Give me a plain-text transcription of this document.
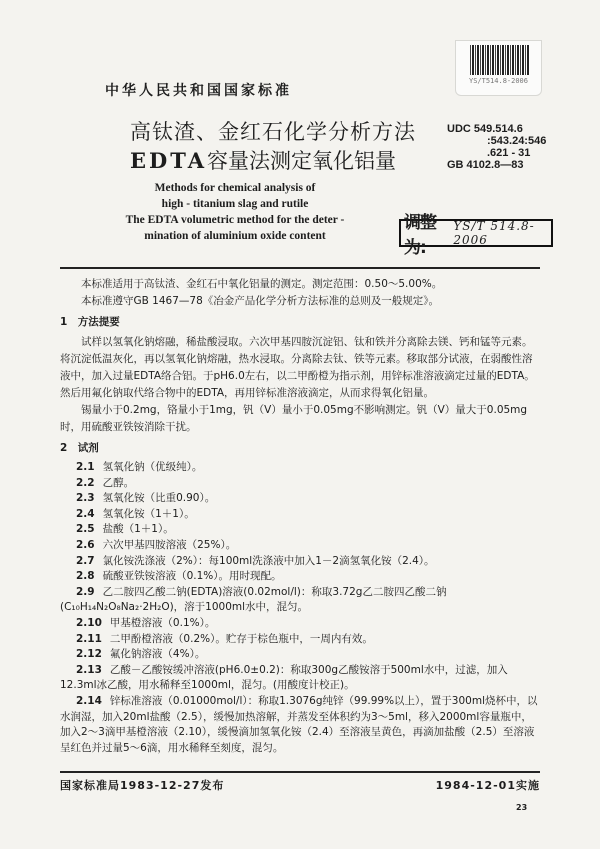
YS/T514.8-2006
中华人民共和国国家标准
高钛渣、金红石化学分析方法
EDTA容量法测定氧化铝量
Methods for chemical analysis of
high - titanium slag and rutile
The EDTA volumetric method for the deter -
mination of aluminium oxide content
UDC 549.514.6
:543.24:546
.621 - 31
GB 4102.8—83
调整为:
YS/T 514.8-2006

本标准适用于高钛渣、金红石中氧化铝量的测定。测定范围：0.50～5.00%。

本标准遵守GB 1467—78《冶金产品化学分析方法标准的总则及一般规定》。

1　方法提要

试样以氢氧化钠熔融，稀盐酸浸取。六次甲基四胺沉淀铝、钛和铁并分离除去镁、钙和锰等元素。将沉淀低温灰化，再以氢氧化钠熔融，热水浸取。分离除去钛、铁等元素。移取部分试液，在弱酸性溶液中，加入过量EDTA络合铝。于pH6.0左右，以二甲酚橙为指示剂，用锌标准溶液滴定过量的EDTA。然后用氟化钠取代络合物中的EDTA，再用锌标准溶液滴定，从而求得氧化铝量。

锡量小于0.2mg，铬量小于1mg，钒（V）量小于0.05mg不影响测定。钒（V）量大于0.05mg时，用硫酸亚铁铵消除干扰。

2　试剂

2.1 氢氧化钠（优级纯）。

2.2 乙醇。

2.3 氢氧化铵（比重0.90）。

2.4 氢氧化铵（1＋1）。

2.5 盐酸（1＋1）。

2.6 六次甲基四胺溶液（25%）。

2.7 氯化铵洗涤液（2%）：每100ml洗涤液中加入1－2滴氢氧化铵（2.4）。

2.8 硫酸亚铁铵溶液（0.1%）。用时现配。

2.9 乙二胺四乙酸二钠(EDTA)溶液(0.02mol/l)：称取3.72g乙二胺四乙酸二钠(C₁₀H₁₄N₂O₈Na₂·2H₂O)，溶于1000ml水中，混匀。

2.10 甲基橙溶液（0.1%）。

2.11 二甲酚橙溶液（0.2%）。贮存于棕色瓶中，一周内有效。

2.12 氟化钠溶液（4%）。

2.13 乙酸－乙酸铵缓冲溶液(pH6.0±0.2)：称取300g乙酸铵溶于500ml水中，过滤，加入12.3ml冰乙酸，用水稀释至1000ml，混匀。(用酸度计校正)。

2.14 锌标准溶液（0.01000mol/l）：称取1.3076g纯锌（99.99%以上），置于300ml烧杯中，以水润湿，加入20ml盐酸（2.5），缓慢加热溶解，并蒸发至体积约为3～5ml，移入2000ml容量瓶中，加入2～3滴甲基橙溶液（2.10），缓慢滴加氢氧化铵（2.4）至溶液呈黄色，再滴加盐酸（2.5）至溶液呈红色并过量5～6滴，用水稀释至刻度，混匀。

国家标准局1983-12-27发布	1984-12-01实施
23
